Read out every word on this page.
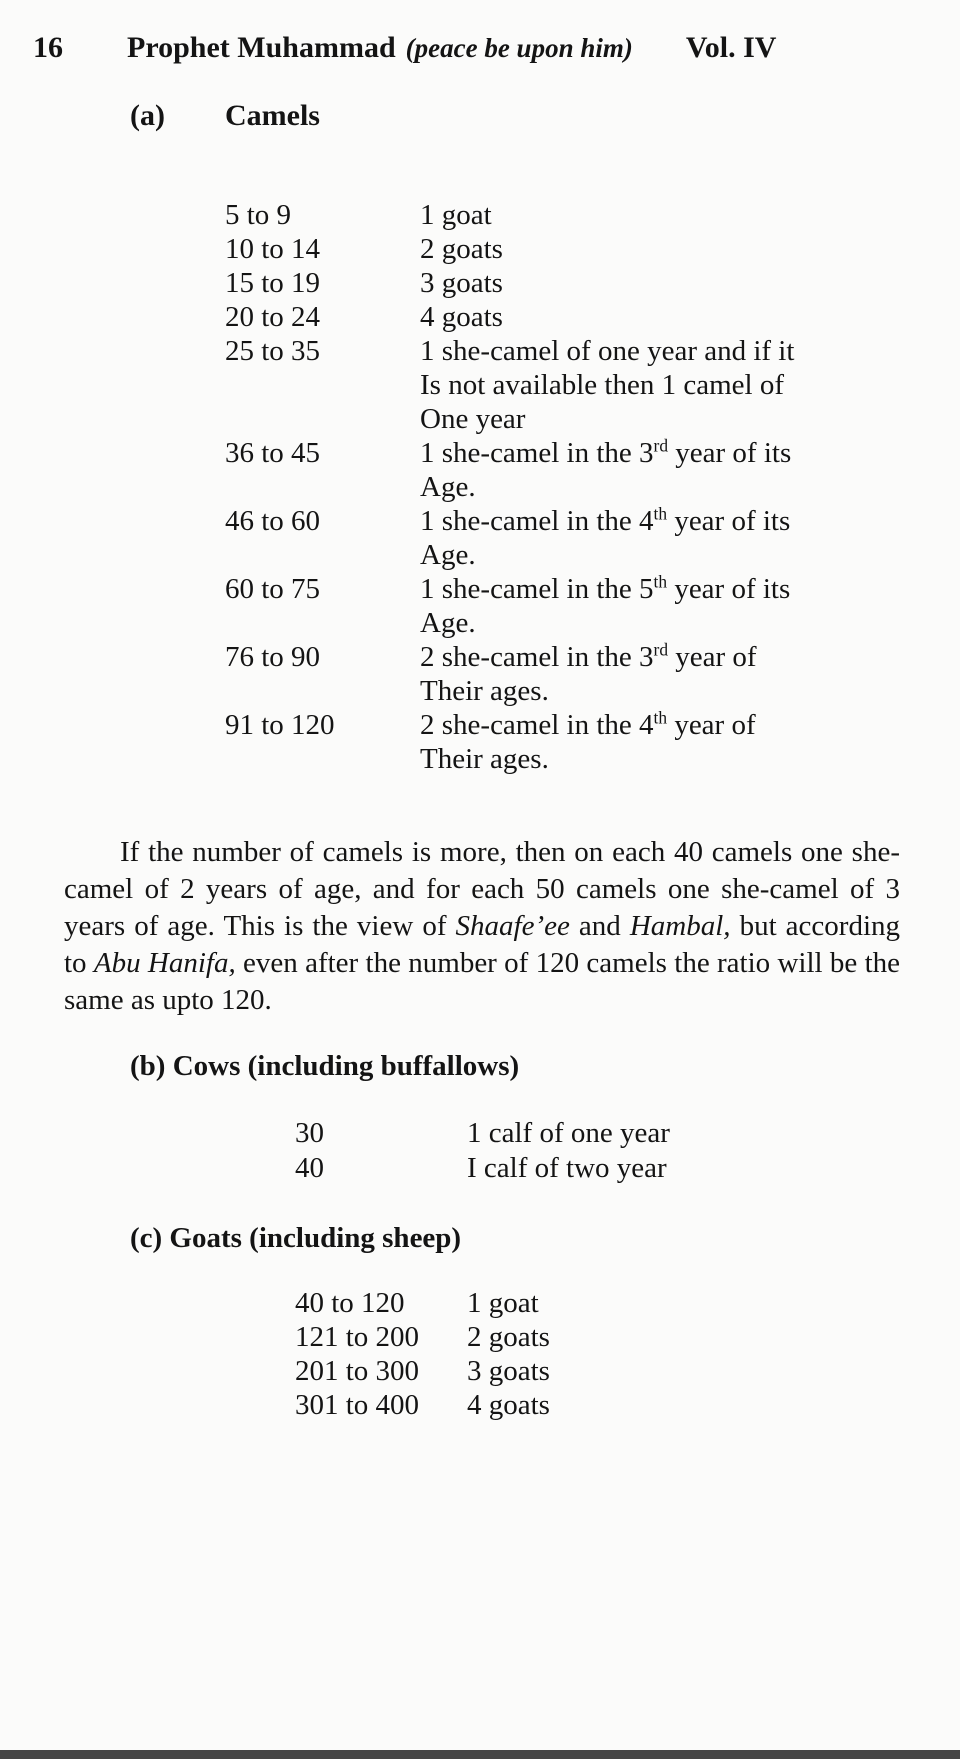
16 Prophet Muhammad (peace be upon him) Vol. IV
(a)	Camels
5 to 9	1 goat
10 to 14	2 goats
15 to 19	3 goats
20 to 24	4 goats
25 to 35	1 she-camel of one year and if it
Is not available then 1 camel of
One year
36 to 45	1 she-camel in the 3rd year of its
Age.
46 to 60	1 she-camel in the 4th year of its
Age.
60 to 75	1 she-camel in the 5th year of its
Age.
76 to 90	2 she-camel in the 3rd year of
Their ages.
91 to 120	2 she-camel in the 4th year of
Their ages.

If the number of camels is more, then on each 40 camels one she-camel of 2 years of age, and for each 50 camels one she-camel of 3 years of age. This is the view of Shaafe’ee and Hambal, but according to Abu Hanifa, even after the number of 120 camels the ratio will be the same as upto 120.

(b) Cows (including buffallows)
30	1 calf of one year
40	I calf of two year
(c) Goats (including sheep)
40 to 120	1 goat
121 to 200	2 goats
201 to 300	3 goats
301 to 400	4 goats
